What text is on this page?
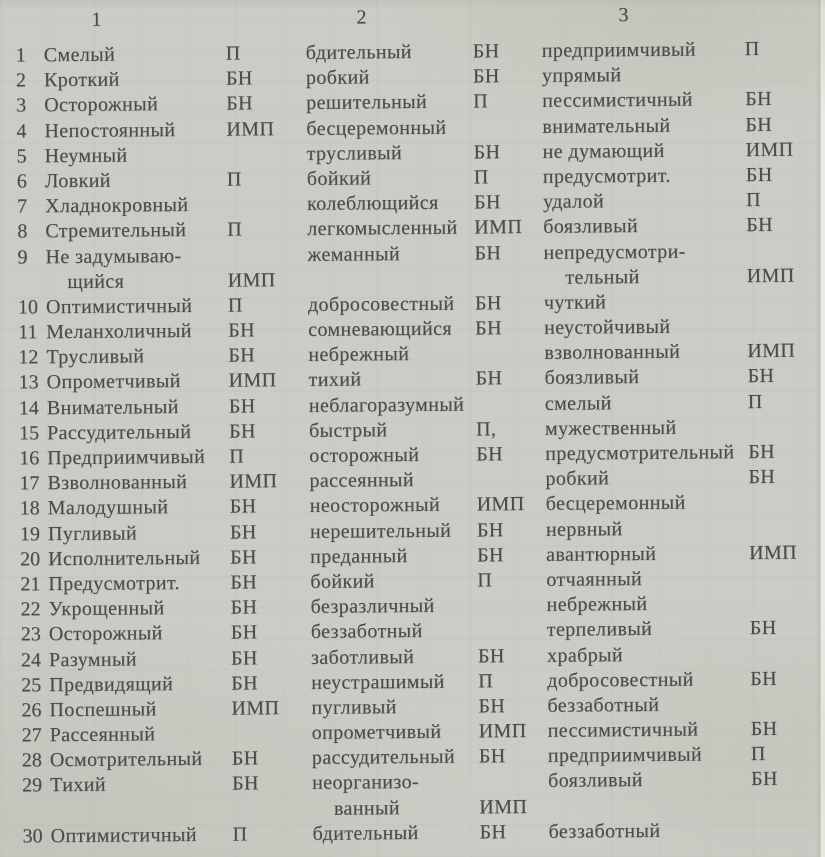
1	2	3
1 Смелый	П	бдительный	БН	предприимчивый	П
2 Кроткий	БН	робкий	БН	упрямый
3 Осторожный	БН	решительный	П	пессимистичный	БН
4 Непостоянный	ИМП	бесцеремонный	внимательный	БН
5 Неумный	трусливый	БН	не думающий	ИМП
6 Ловкий	П	бойкий	П	предусмотрит.	БН
7 Хладнокровный	колеблющийся	БН	удалой	П
8 Стремительный	П	легкомысленный ИМП	боязливый	БН
9 Не задумываю-	жеманный	БН	непредусмотри-
щийся	ИМП	тельный	ИМП
10 Оптимистичный	П	добросовестный	БН	чуткий
11 Меланхоличный	БН	сомневающийся	БН	неустойчивый
12 Трусливый	БН	небрежный	взволнованный	ИМП
13 Опрометчивый	ИМП	тихий	БН	боязливый	БН
14 Внимательный	БН	неблагоразумный	смелый	П
15 Рассудительный	БН	быстрый	П,	мужественный
16 Предприимчивый	П	осторожный	БН	предусмотрительный БН
17 Взволнованный	ИМП	рассеянный	робкий	БН
18 Малодушный	БН	неосторожный	ИМП	бесцеремонный
19 Пугливый	БН	нерешительный	БН	нервный
20 Исполнительный	БН	преданный	БН	авантюрный	ИМП
21 Предусмотрит.	БН	бойкий	П	отчаянный
22 Укрощенный	БН	безразличный	небрежный
23 Осторожный	БН	беззаботный	терпеливый	БН
24 Разумный	БН	заботливый	БН	храбрый
25 Предвидящий	БН	неустрашимый	П	добросовестный	БН
26 Поспешный	ИМП	пугливый	БН	беззаботный
27 Рассеянный	опрометчивый	ИМП	пессимистичный	БН
28 Осмотрительный	БН	рассудительный	БН	предприимчивый	П
29 Тихий	БН	неорганизо-	боязливый	БН
ванный	ИМП
30 Оптимистичный	П	бдительный	БН	беззаботный
